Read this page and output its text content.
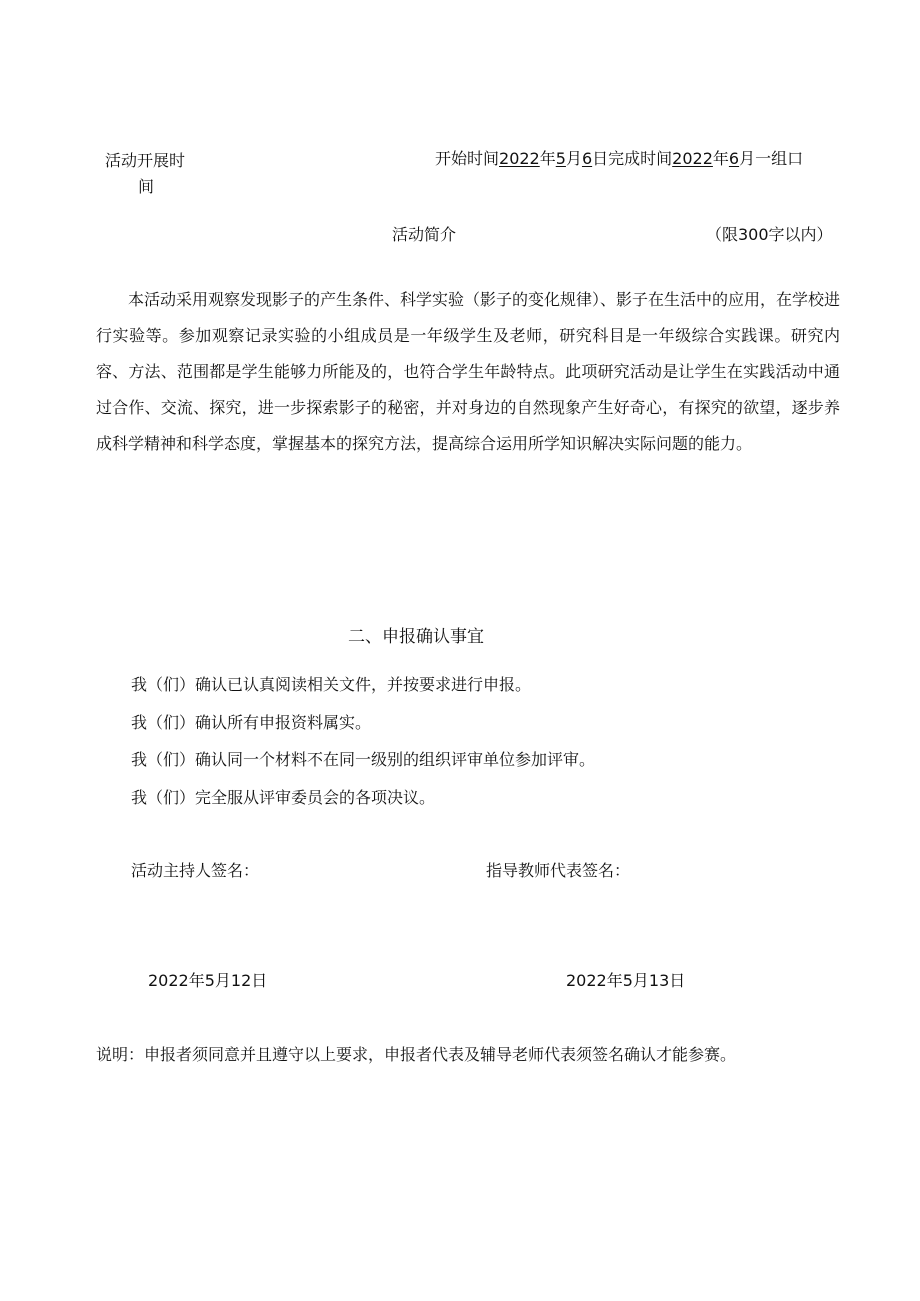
活动开展时
间
开始时间2022年5月6日完成时间2022年6月一组口
活动简介	（限300字以内）
本活动采用观察发现影子的产生条件、科学实验（影子的变化规律）、影子在生活中的应用，在学校进行实验等。参加观察记录实验的小组成员是一年级学生及老师，研究科目是一年级综合实践课。研究内容、方法、范围都是学生能够力所能及的，也符合学生年龄特点。此项研究活动是让学生在实践活动中通过合作、交流、探究，进一步探索影子的秘密，并对身边的自然现象产生好奇心，有探究的欲望，逐步养成科学精神和科学态度，掌握基本的探究方法，提高综合运用所学知识解决实际问题的能力。
二、申报确认事宜
我（们）确认已认真阅读相关文件，并按要求进行申报。
我（们）确认所有申报资料属实。
我（们）确认同一个材料不在同一级别的组织评审单位参加评审。
我（们）完全服从评审委员会的各项决议。
活动主持人签名：	指导教师代表签名：
2022年5月12日	2022年5月13日
说明：申报者须同意并且遵守以上要求，申报者代表及辅导老师代表须签名确认才能参赛。
